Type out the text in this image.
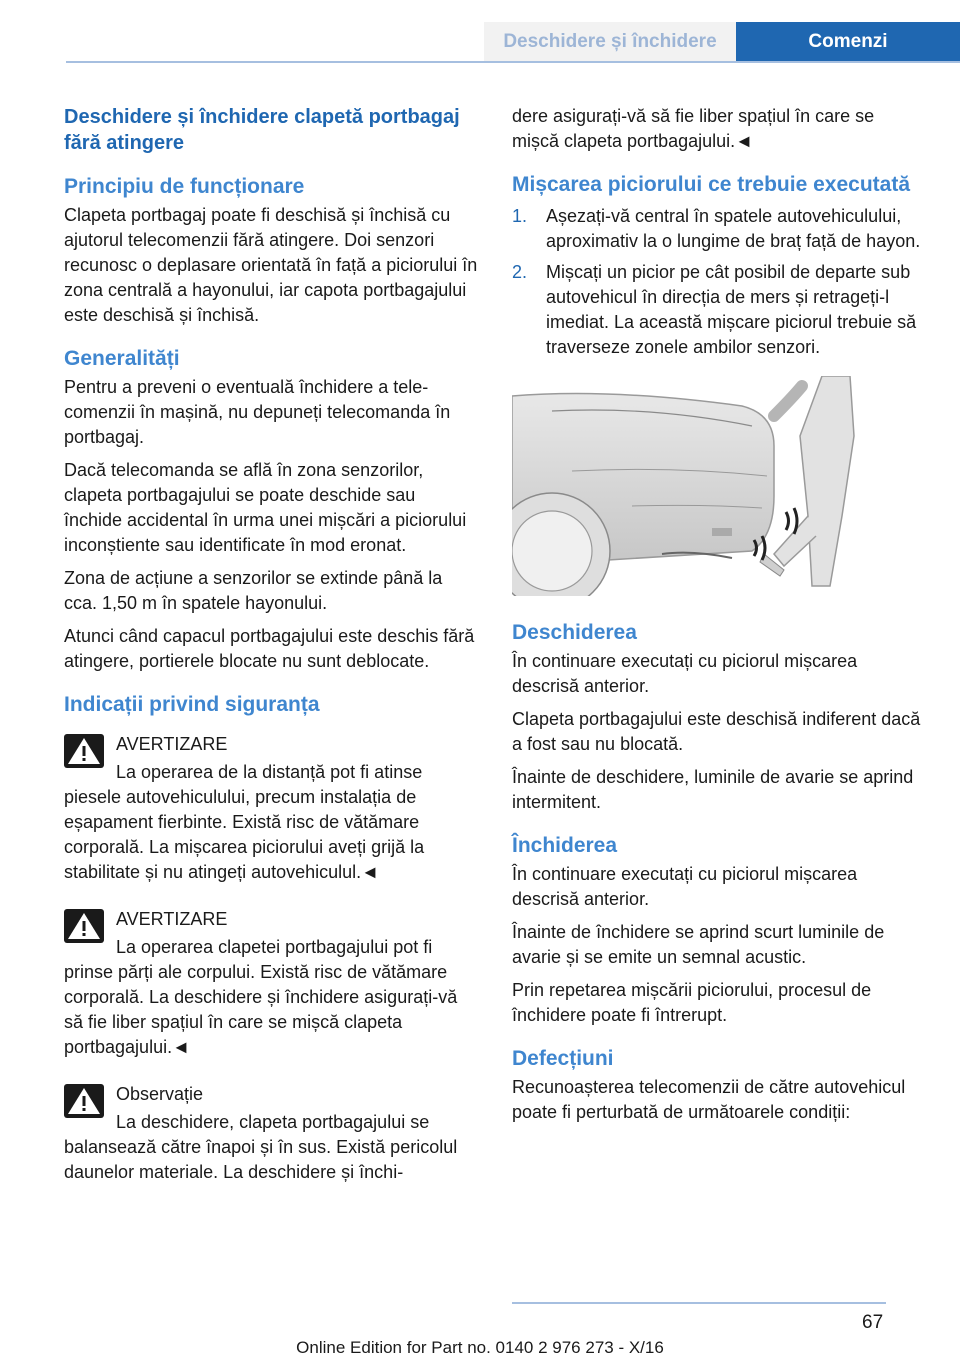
Deschidere și închidere	Comenzi
Deschidere și închidere clapetă portbagaj fără atingere
Principiu de funcționare

Clapeta portbagaj poate fi deschisă și închisă cu ajutorul telecomenzii fără atingere. Doi senzori recunosc o deplasare orientată în față a piciorului în zona centrală a hayonului, iar capota portbagajului este deschisă și închisă.

Generalități

Pentru a preveni o eventuală închidere a telecomenzii în mașină, nu depuneți telecomanda în portbagaj.

Dacă telecomanda se află în zona senzorilor, clapeta portbagajului se poate deschide sau închide accidental în urma unei mișcări a piciorului inconștiente sau identificate în mod eronat.

Zona de acțiune a senzorilor se extinde până la cca. 1,50 m în spatele hayonului.

Atunci când capacul portbagajului este deschis fără atingere, portierele blocate nu sunt deblocate.

Indicații privind siguranța

AVERTIZARE

La operarea de la distanță pot fi atinse

piesele autovehiculului, precum instalația de eșapament fierbinte. Există risc de vătămare corporală. La mișcarea piciorului aveți grijă la stabilitate și nu atingeți autovehiculul.◄

AVERTIZARE

La operarea clapetei portbagajului pot fi

prinse părți ale corpului. Există risc de vătămare corporală. La deschidere și închidere asigurați-vă să fie liber spațiul în care se mișcă clapeta portbagajului.◄

Observație

La deschidere, clapeta portbagajului se

balansează către înapoi și în sus. Există pericolul daunelor materiale. La deschidere și închi-

dere asigurați-vă să fie liber spațiul în care se mișcă clapeta portbagajului.◄

Mișcarea piciorului ce trebuie executată
1. Așezați-vă central în spatele autovehiculului, aproximativ la o lungime de braț față de hayon.
2. Mișcați un picior pe cât posibil de departe sub autovehicul în direcția de mers și retrageți-l imediat. La această mișcare piciorul trebuie să traverseze zonele ambilor senzori.
Deschiderea

În continuare executați cu piciorul mișcarea descrisă anterior.

Clapeta portbagajului este deschisă indiferent dacă a fost sau nu blocată.

Înainte de deschidere, luminile de avarie se aprind intermitent.

Închiderea

În continuare executați cu piciorul mișcarea descrisă anterior.

Înainte de închidere se aprind scurt luminile de avarie și se emite un semnal acustic.

Prin repetarea mișcării piciorului, procesul de închidere poate fi întrerupt.

Defecțiuni

Recunoașterea telecomenzii de către autovehicul poate fi perturbată de următoarele condiții:

67
Online Edition for Part no. 0140 2 976 273 - X/16
